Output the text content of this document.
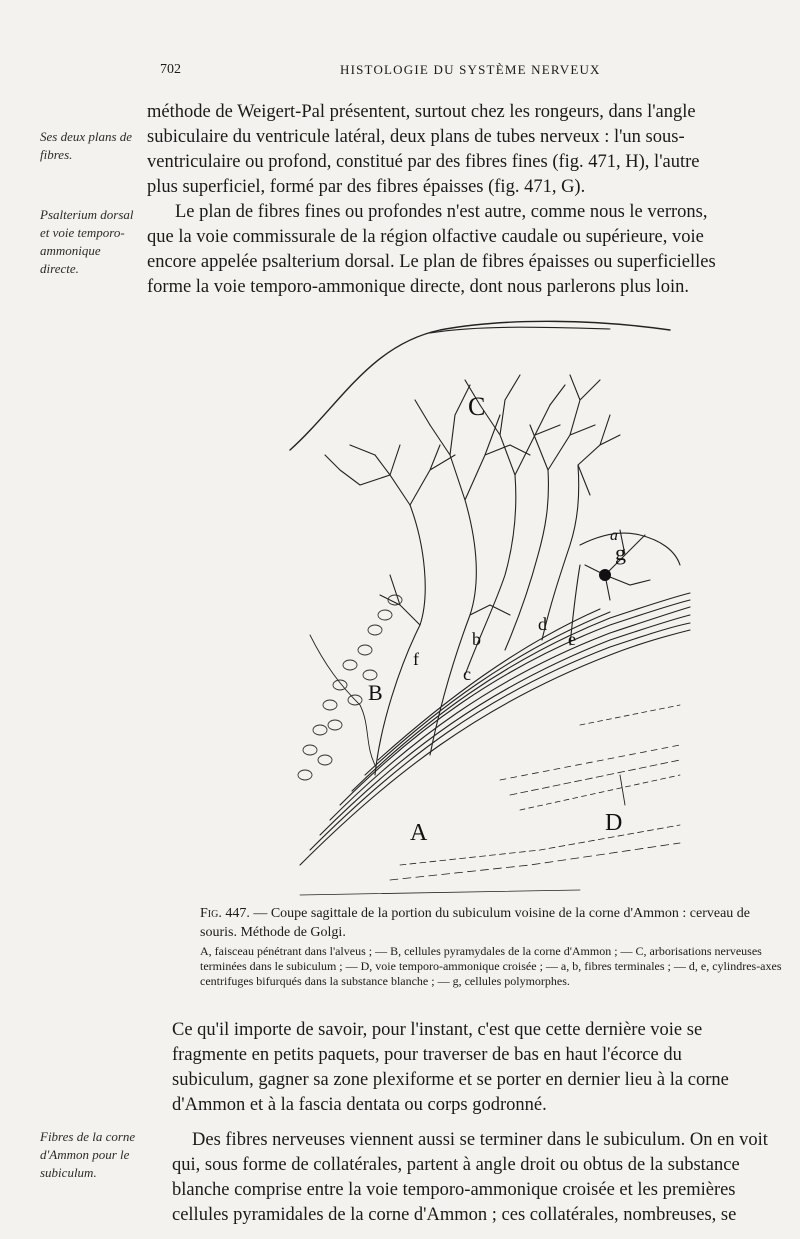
702	HISTOLOGIE DU SYSTÈME NERVEUX
Ses deux plans de fibres.
Psalterium dorsal et voie temporo-ammonique directe.
méthode de Weigert-Pal présentent, surtout chez les rongeurs, dans l'angle
subiculaire du ventricule latéral, deux plans de tubes nerveux : l'un sous-
ventriculaire ou profond, constitué par des fibres fines (fig. 471, H), l'autre
plus superficiel, formé par des fibres épaisses (fig. 471, G).
Le plan de fibres fines ou profondes n'est autre, comme nous le verrons,
que la voie commissurale de la région olfactive caudale ou supérieure, voie
encore appelée psalterium dorsal. Le plan de fibres épaisses ou superficielles
forme la voie temporo-ammonique directe, dont nous parlerons plus loin.
C
a
g
b
d
e
f
c
B
A	D
Fig. 447. — Coupe sagittale de la portion du subiculum voisine de la corne d'Ammon : cerveau de souris. Méthode de Golgi.
A, faisceau pénétrant dans l'alveus ; — B, cellules pyramydales de la corne d'Ammon ; — C, arborisations nerveuses terminées dans le subiculum ; — D, voie temporo-ammonique croisée ; — a, b, fibres terminales ; — d, e, cylindres-axes centrifuges bifurqués dans la substance blanche ; — g, cellules polymorphes.
Ce qu'il importe de savoir, pour l'instant, c'est que cette dernière voie se
fragmente en petits paquets, pour traverser de bas en haut l'écorce du
subiculum, gagner sa zone plexiforme et se porter en dernier lieu à la corne
d'Ammon et à la fascia dentata ou corps godronné.
Fibres de la corne d'Ammon pour le subiculum.
Des fibres nerveuses viennent aussi se terminer dans le subiculum. On en voit
qui, sous forme de collatérales, partent à angle droit ou obtus de la substance
blanche comprise entre la voie temporo-ammonique croisée et les premières
cellules pyramidales de la corne d'Ammon ; ces collatérales, nombreuses, se
